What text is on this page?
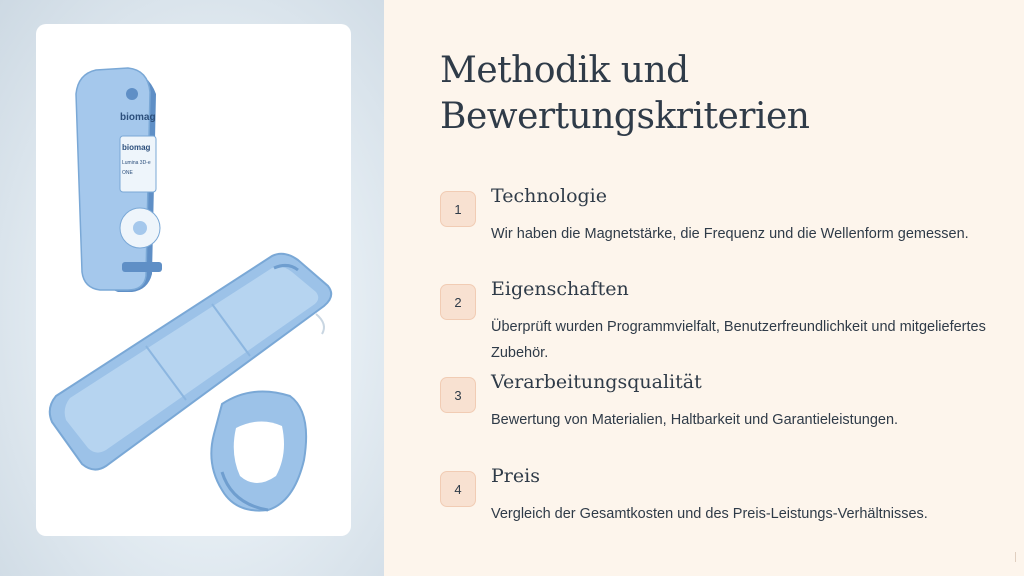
biomag
biomag
Lumina 3D-e
ONE
Methodik und Bewertungskriterien
1
Technologie
Wir haben die Magnetstärke, die Frequenz und die Wellenform gemessen.
2
Eigenschaften
Überprüft wurden Programmvielfalt, Benutzerfreundlichkeit und mitgeliefertes Zubehör.
3
Verarbeitungsqualität
Bewertung von Materialien, Haltbarkeit und Garantieleistungen.
4
Preis
Vergleich der Gesamtkosten und des Preis-Leistungs-Verhältnisses.
